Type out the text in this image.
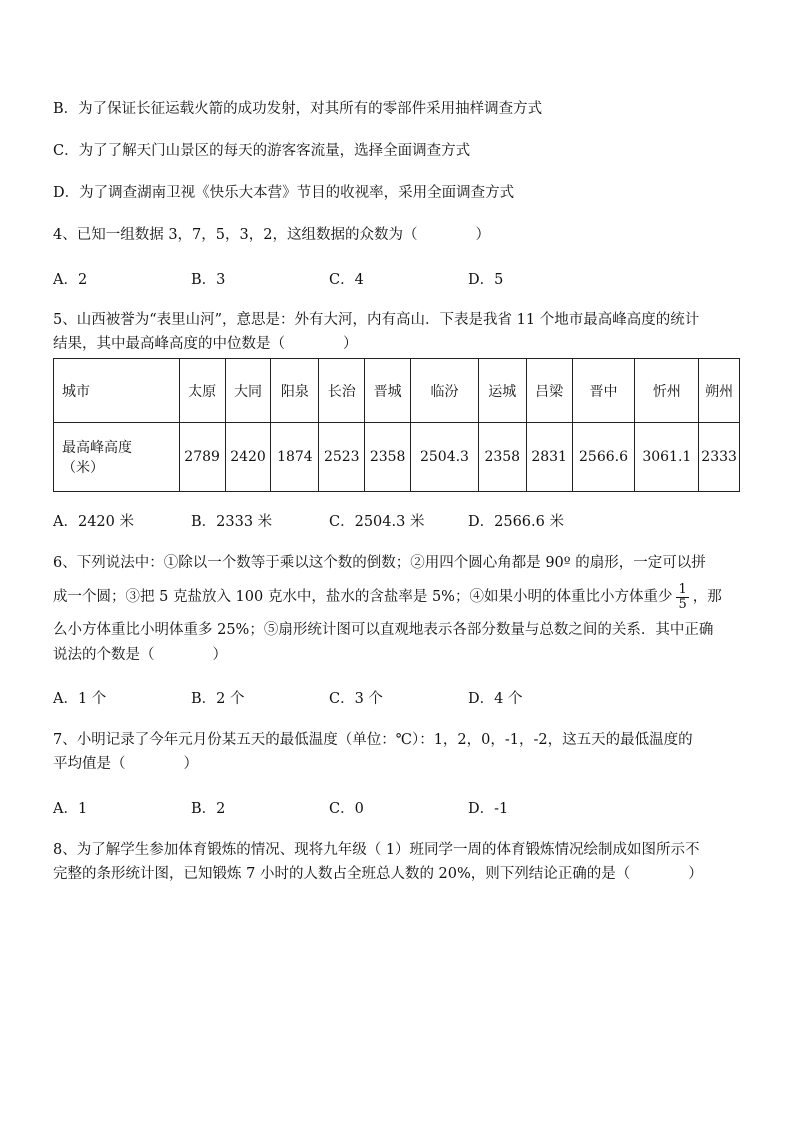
B．为了保证长征运载火箭的成功发射，对其所有的零部件采用抽样调查方式
C．为了了解天门山景区的每天的游客客流量，选择全面调查方式
D．为了调查湖南卫视《快乐大本营》节目的收视率，采用全面调查方式
4、已知一组数据 3，7，5，3，2，这组数据的众数为（　　　　）
A．2	B．3	C．4	D．5
5、山西被誉为“表里山河”，意思是：外有大河，内有高山．下表是我省 11 个地市最高峰高度的统计
结果，其中最高峰高度的中位数是（　　　　）
城市	太原	大同	阳泉	长治	晋城	临汾	运城	吕梁	晋中	忻州	朔州

最高峰高度
（米）	2789	2420	1874	2523	2358	2504.3	2358	2831	2566.6	3061.1	2333
A．2420 米	B．2333 米	C．2504.3 米	D．2566.6 米
6、下列说法中：①除以一个数等于乘以这个数的倒数；②用四个圆心角都是 90º 的扇形，一定可以拼
成一个圆；③把 5 克盐放入 100 克水中，盐水的含盐率是 5%；④如果小明的体重比小方体重少 $\frac{1}{5}$ ，那
么小方体重比小明体重多 25%；⑤扇形统计图可以直观地表示各部分数量与总数之间的关系．其中正确
说法的个数是（　　　　）
A．1 个	B．2 个	C．3 个	D．4 个
7、小明记录了今年元月份某五天的最低温度（单位：℃）：1，2，0，-1，-2，这五天的最低温度的
平均值是（　　　　）
A．1	B．2	C．0	D．-1
8、为了解学生参加体育锻炼的情况、现将九年级（ 1）班同学一周的体育锻炼情况绘制成如图所示不
完整的条形统计图，已知锻炼 7 小时的人数占全班总人数的 20%，则下列结论正确的是（　　　　）
